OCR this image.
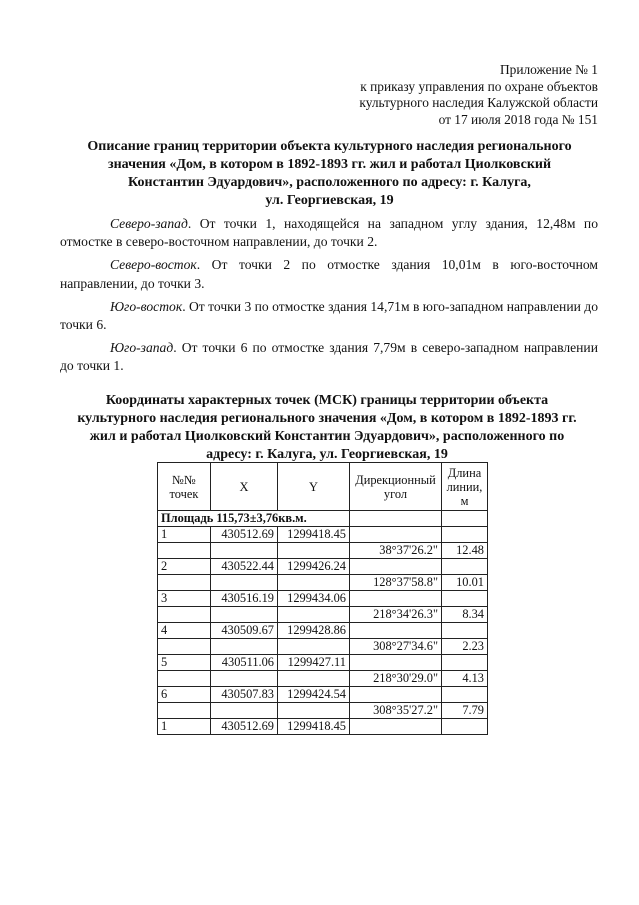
Приложение № 1
к приказу управления по охране объектов
культурного наследия Калужской области
от 17 июля 2018 года № 151
Описание границ территории объекта культурного наследия регионального
значения «Дом, в котором в 1892-1893 гг. жил и работал Циолковский
Константин Эдуардович», расположенного по адресу: г. Калуга,
ул. Георгиевская, 19

Северо-запад. От точки 1, находящейся на западном углу здания, 12,48м по отмостке в северо-восточном направлении, до точки 2.

Северо-восток. От точки 2 по отмостке здания 10,01м в юго-восточном направлении, до точки 3.

Юго-восток. От точки 3 по отмостке здания 14,71м в юго-западном направлении до точки 6.

Юго-запад. От точки 6 по отмостке здания 7,79м в северо-западном направлении до точки 1.

Координаты характерных точек (МСК) границы территории объекта
культурного наследия регионального значения «Дом, в котором в 1892-1893 гг.
жил и работал Циолковский Константин Эдуардович», расположенного по
адресу: г. Калуга, ул. Георгиевская, 19
№№
точек	X	Y	Дирекционный
угол	Длина
линии,
м
Площадь 115,73±3,76кв.м.				
1	430512.69	1299418.45		
			38°37'26.2"	12.48
2	430522.44	1299426.24		
			128°37'58.8"	10.01
3	430516.19	1299434.06		
			218°34'26.3"	8.34
4	430509.67	1299428.86		
			308°27'34.6"	2.23
5	430511.06	1299427.11		
			218°30'29.0"	4.13
6	430507.83	1299424.54		
			308°35'27.2"	7.79
1	430512.69	1299418.45		
